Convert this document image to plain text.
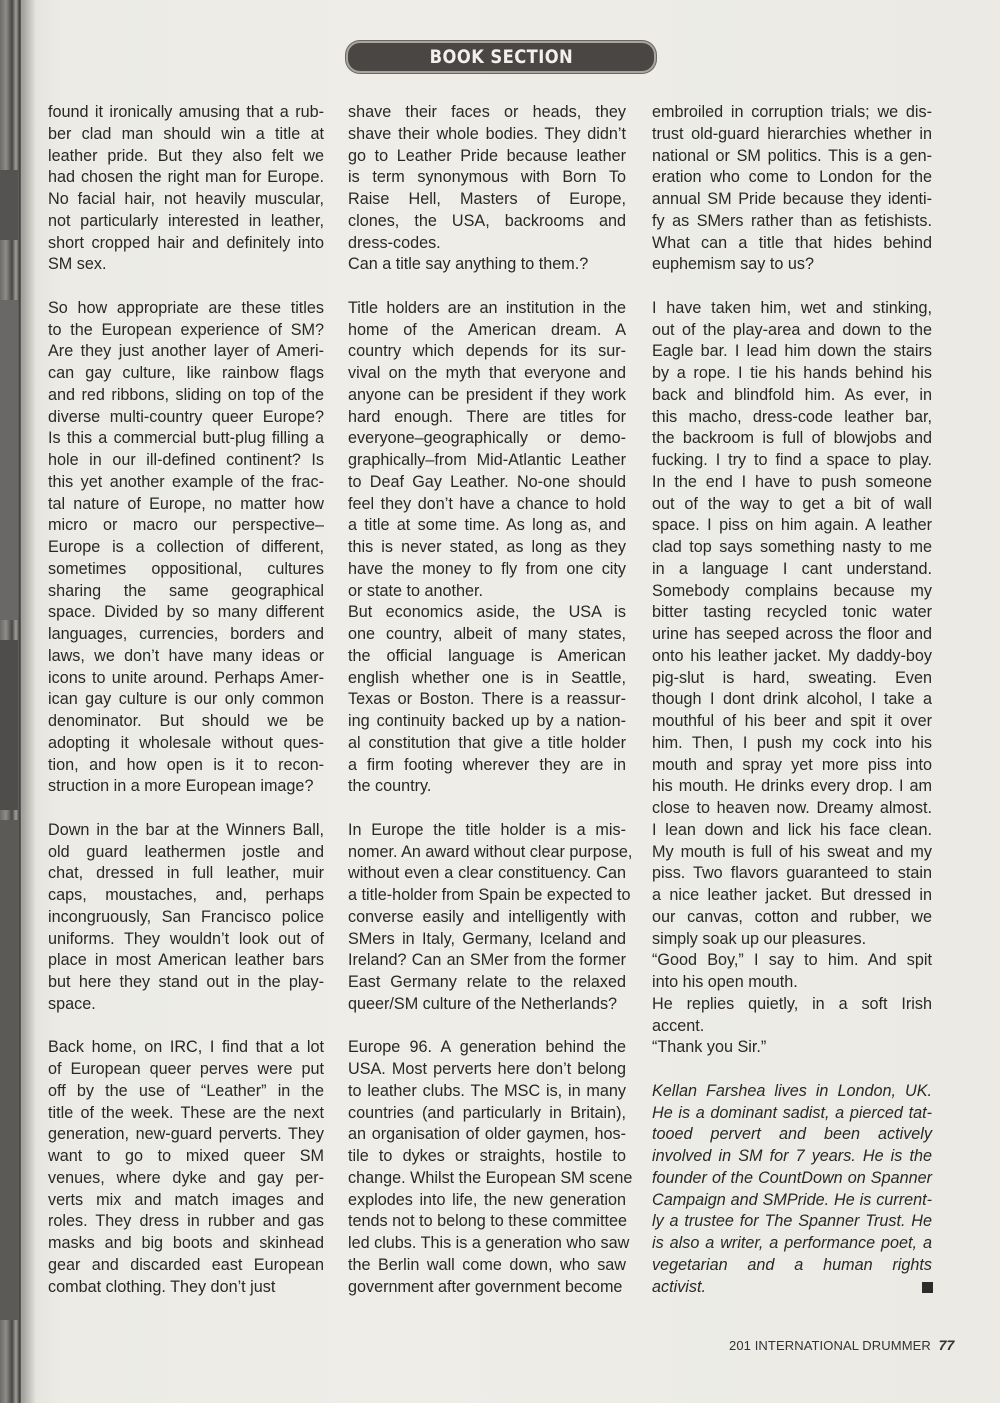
BOOK SECTION

found it ironically amusing that a rub-
ber clad man should win a title at
leather pride. But they also felt we
had chosen the right man for Europe.
No facial hair, not heavily muscular,
not particularly interested in leather,
short cropped hair and definitely into
SM sex.

So how appropriate are these titles
to the European experience of SM?
Are they just another layer of Ameri-
can gay culture, like rainbow flags
and red ribbons, sliding on top of the
diverse multi-country queer Europe?
Is this a commercial butt-plug filling a
hole in our ill-defined continent? Is
this yet another example of the frac-
tal nature of Europe, no matter how
micro or macro our perspective–
Europe is a collection of different,
sometimes oppositional, cultures
sharing the same geographical
space. Divided by so many different
languages, currencies, borders and
laws, we don’t have many ideas or
icons to unite around. Perhaps Amer-
ican gay culture is our only common
denominator. But should we be
adopting it wholesale without ques-
tion, and how open is it to recon-
struction in a more European image?

Down in the bar at the Winners Ball,
old guard leathermen jostle and
chat, dressed in full leather, muir
caps, moustaches, and, perhaps
incongruously, San Francisco police
uniforms. They wouldn’t look out of
place in most American leather bars
but here they stand out in the play-
space.

Back home, on IRC, I find that a lot
of European queer perves were put
off by the use of “Leather” in the
title of the week. These are the next
generation, new-guard perverts. They
want to go to mixed queer SM
venues, where dyke and gay per-
verts mix and match images and
roles. They dress in rubber and gas
masks and big boots and skinhead
gear and discarded east European
combat clothing. They don’t just

shave their faces or heads, they
shave their whole bodies. They didn’t
go to Leather Pride because leather
is term synonymous with Born To
Raise Hell, Masters of Europe,
clones, the USA, backrooms and
dress-codes.
Can a title say anything to them.?

Title holders are an institution in the
home of the American dream. A
country which depends for its sur-
vival on the myth that everyone and
anyone can be president if they work
hard enough. There are titles for
everyone–geographically or demo-
graphically–from Mid-Atlantic Leather
to Deaf Gay Leather. No-one should
feel they don’t have a chance to hold
a title at some time. As long as, and
this is never stated, as long as they
have the money to fly from one city
or state to another.
But economics aside, the USA is
one country, albeit of many states,
the official language is American
english whether one is in Seattle,
Texas or Boston. There is a reassur-
ing continuity backed up by a nation-
al constitution that give a title holder
a firm footing wherever they are in
the country.

In Europe the title holder is a mis-
nomer. An award without clear purpose,
without even a clear constituency. Can
a title-holder from Spain be expected to
converse easily and intelligently with
SMers in Italy, Germany, Iceland and
Ireland? Can an SMer from the former
East Germany relate to the relaxed
queer/SM culture of the Netherlands?

Europe 96. A generation behind the
USA. Most perverts here don’t belong
to leather clubs. The MSC is, in many
countries (and particularly in Britain),
an organisation of older gaymen, hos-
tile to dykes or straights, hostile to
change. Whilst the European SM scene
explodes into life, the new generation
tends not to belong to these committee
led clubs. This is a generation who saw
the Berlin wall come down, who saw
government after government become

embroiled in corruption trials; we dis-
trust old-guard hierarchies whether in
national or SM politics. This is a gen-
eration who come to London for the
annual SM Pride because they identi-
fy as SMers rather than as fetishists.
What can a title that hides behind
euphemism say to us?

I have taken him, wet and stinking,
out of the play-area and down to the
Eagle bar. I lead him down the stairs
by a rope. I tie his hands behind his
back and blindfold him. As ever, in
this macho, dress-code leather bar,
the backroom is full of blowjobs and
fucking. I try to find a space to play.
In the end I have to push someone
out of the way to get a bit of wall
space. I piss on him again. A leather
clad top says something nasty to me
in a language I cant understand.
Somebody complains because my
bitter tasting recycled tonic water
urine has seeped across the floor and
onto his leather jacket. My daddy-boy
pig-slut is hard, sweating. Even
though I dont drink alcohol, I take a
mouthful of his beer and spit it over
him. Then, I push my cock into his
mouth and spray yet more piss into
his mouth. He drinks every drop. I am
close to heaven now. Dreamy almost.
I lean down and lick his face clean.
My mouth is full of his sweat and my
piss. Two flavors guaranteed to stain
a nice leather jacket. But dressed in
our canvas, cotton and rubber, we
simply soak up our pleasures.
“Good Boy,” I say to him. And spit
into his open mouth.
He replies quietly, in a soft Irish
accent.
“Thank you Sir.”

Kellan Farshea lives in London, UK.
He is a dominant sadist, a pierced tat-
tooed pervert and been actively
involved in SM for 7 years. He is the
founder of the CountDown on Spanner
Campaign and SMPride. He is current-
ly a trustee for The Spanner Trust. He
is also a writer, a performance poet, a
vegetarian and a human rights
activist.
201 INTERNATIONAL DRUMMER 77
